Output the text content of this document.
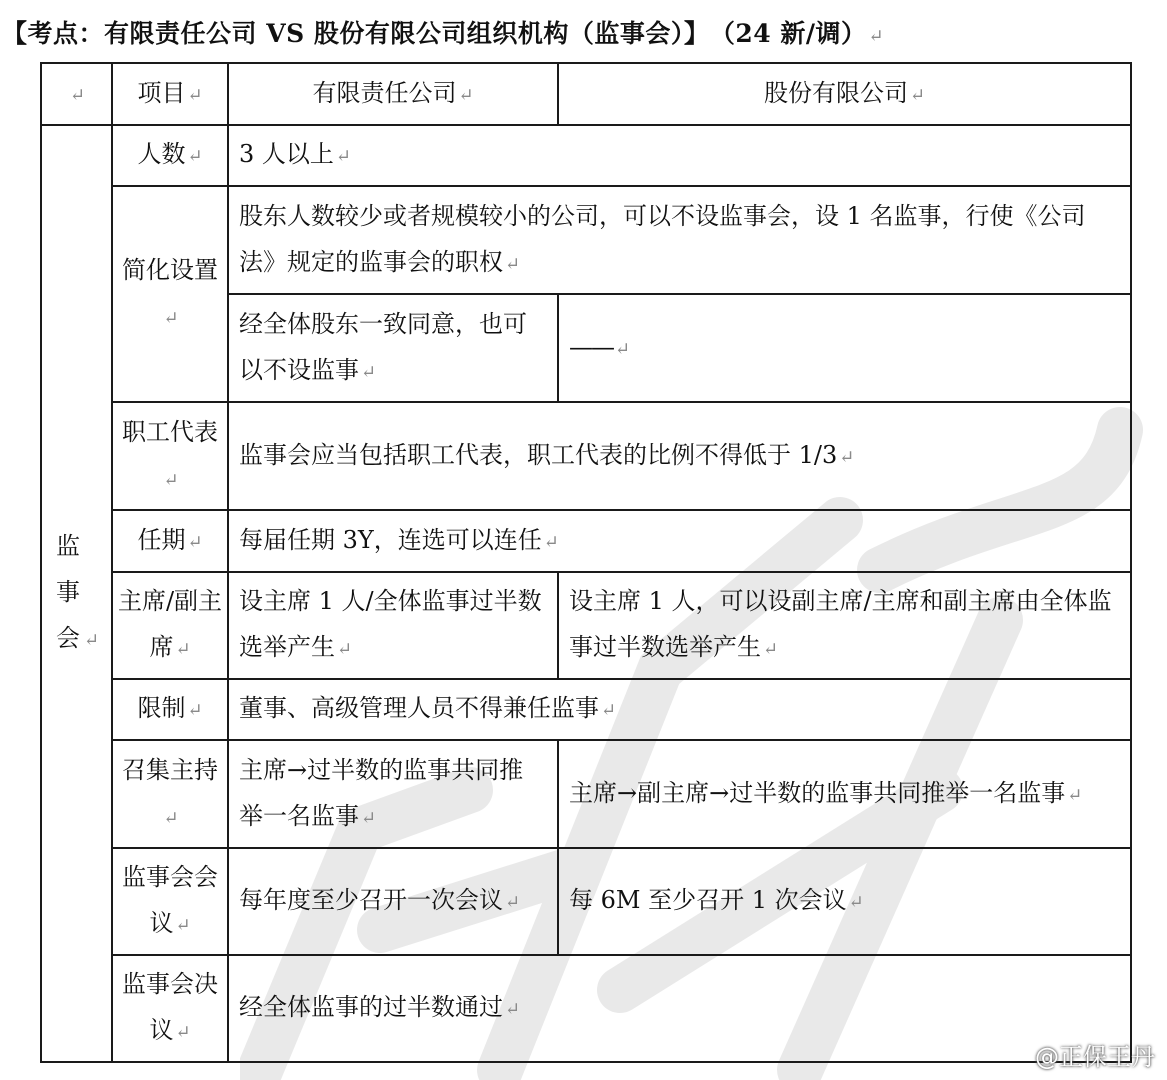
【考点：有限责任公司 VS 股份有限公司组织机构（监事会）】　（24 新/调） ↵
↵	项目 ↵	有限责任公司 ↵	股份有限公司 ↵
监事会 ↵	人数 ↵	3 人以上 ↵	
	简化设置↵	股东人数较少或者规模较小的公司，可以不设监事会，设 1 名监事，行使《公司法》规定的监事会的职权 ↵	
		经全体股东一致同意，也可以不设监事 ↵	—— ↵
	职工代表↵	监事会应当包括职工代表，职工代表的比例不得低于 1/3 ↵	
	任期 ↵	每届任期 3Y，连选可以连任 ↵	
	主席/副主席 ↵	设主席 1 人/全体监事过半数选举产生 ↵	设主席 1 人，可以设副主席/主席和副主席由全体监事过半数选举产生 ↵
	限制 ↵	董事、高级管理人员不得兼任监事 ↵	
	召集主持↵	主席→过半数的监事共同推举一名监事 ↵	主席→副主席→过半数的监事共同推举一名监事 ↵
	监事会会议 ↵	每年度至少召开一次会议 ↵	每 6M 至少召开 1 次会议 ↵
	监事会决议 ↵	经全体监事的过半数通过 ↵	
@正保王丹
